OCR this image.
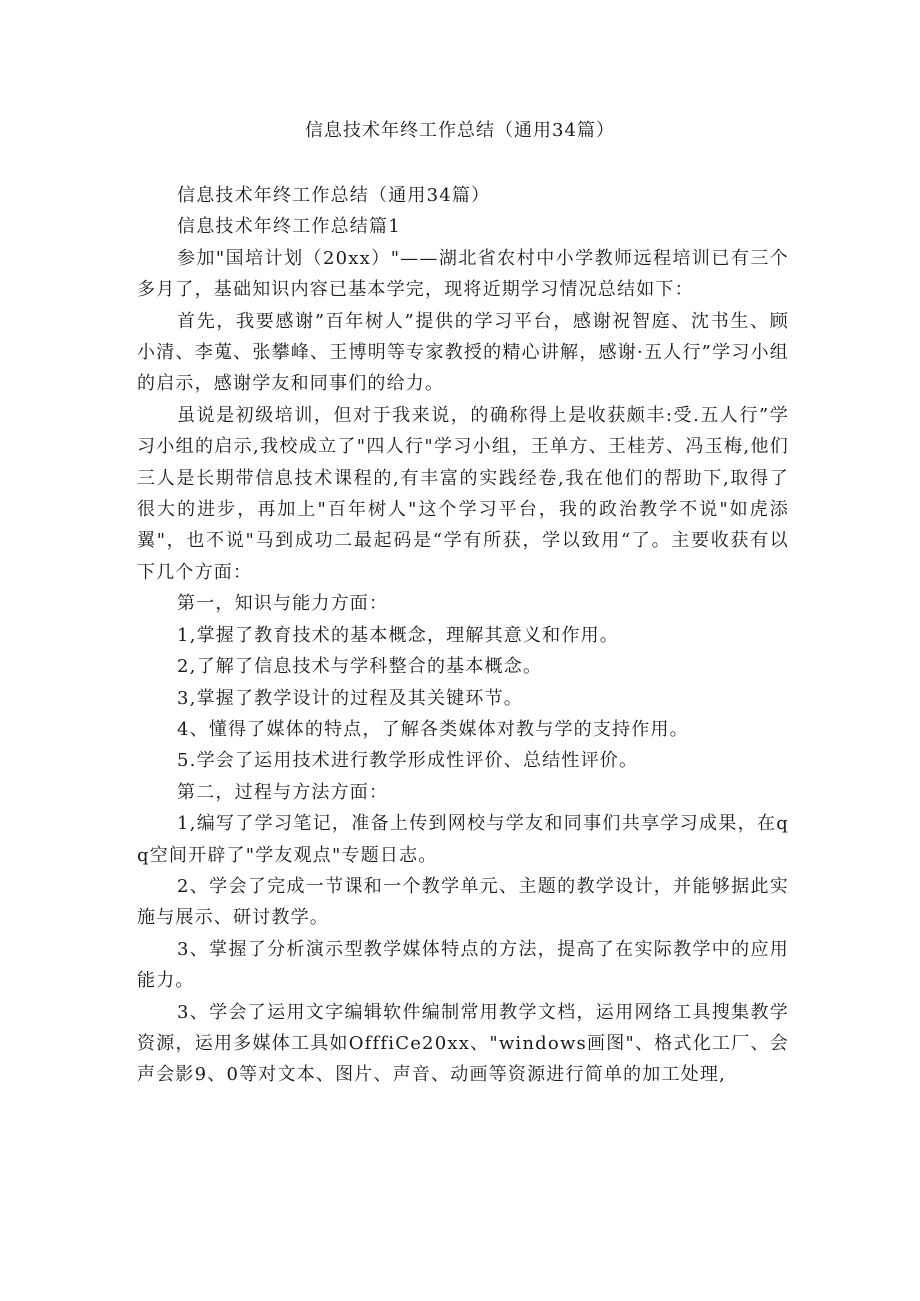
信息技术年终工作总结（通用34篇）

信息技术年终工作总结（通用34篇）

信息技术年终工作总结篇1

参加"国培计划（20xx）"——湖北省农村中小学教师远程培训已有三个多月了，基础知识内容已基本学完，现将近期学习情况总结如下：

首先，我要感谢”百年树人”提供的学习平台，感谢祝智庭、沈书生、顾小清、李蒐、张攀峰、王博明等专家教授的精心讲解，感谢·五人行”学习小组的启示，感谢学友和同事们的给力。

虽说是初级培训，但对于我来说，的确称得上是收获颇丰:受.五人行”学习小组的启示,我校成立了"四人行"学习小组，王单方、王桂芳、冯玉梅,他们三人是长期带信息技术课程的,有丰富的实践经卷,我在他们的帮助下,取得了很大的进步，再加上"百年树人"这个学习平台，我的政治教学不说"如虎添翼"，也不说"马到成功二最起码是“学有所获，学以致用“了。主要收获有以下几个方面：

第一，知识与能力方面：

1,掌握了教育技术的基本概念，理解其意义和作用。

2,了解了信息技术与学科整合的基本概念。

3,掌握了教学设计的过程及其关键环节。

4、懂得了媒体的特点，了解各类媒体对教与学的支持作用。

5.学会了运用技术进行教学形成性评价、总结性评价。

第二，过程与方法方面：

1,编写了学习笔记，准备上传到网校与学友和同事们共享学习成果，在qq空间开辟了"学友观点"专题日志。

2、学会了完成一节课和一个教学单元、主题的教学设计，并能够据此实施与展示、研讨教学。

3、掌握了分析演示型教学媒体特点的方法，提高了在实际教学中的应用能力。

3、学会了运用文字编辑软件编制常用教学文档，运用网络工具搜集教学资源，运用多媒体工具如OfffiCe20xx、"windows画图"、格式化工厂、会声会影9、0等对文本、图片、声音、动画等资源进行简单的加工处理,
